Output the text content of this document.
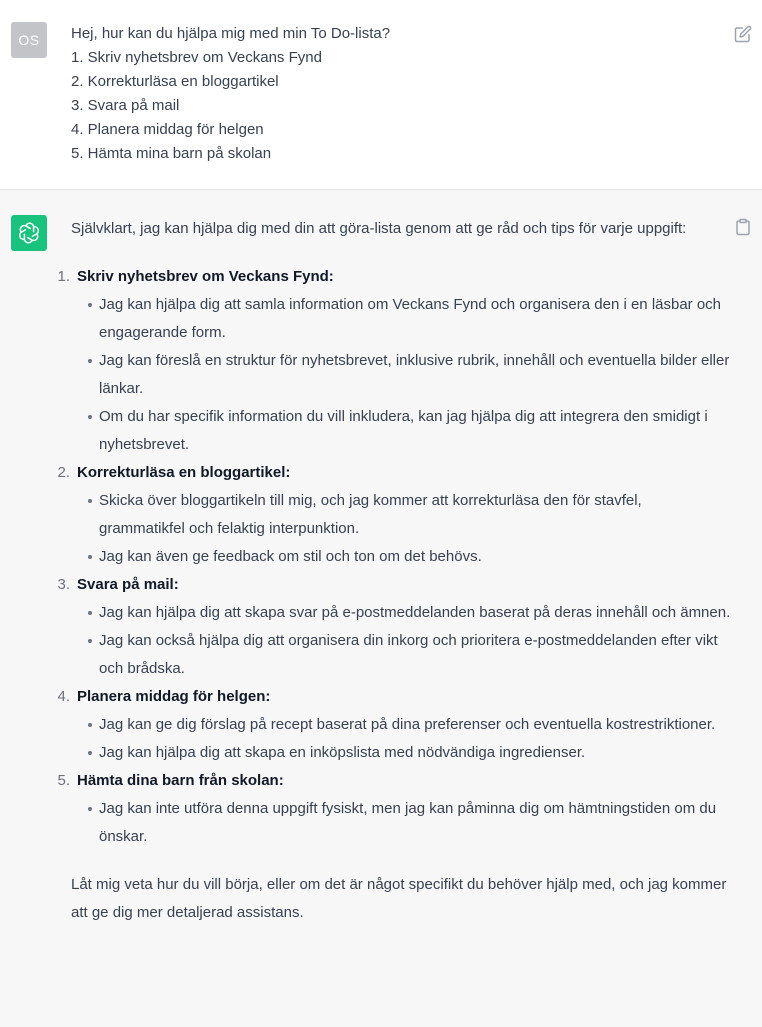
OS	Hej, hur kan du hjälpa mig med min To Do-lista?
1. Skriv nyhetsbrev om Veckans Fynd
2. Korrekturläsa en bloggartikel
3. Svara på mail
4. Planera middag för helgen
5. Hämta mina barn på skolan

Självklart, jag kan hjälpa dig med din att göra-lista genom att ge råd och tips för varje uppgift:

1. Skriv nyhetsbrev om Veckans Fynd:
Jag kan hjälpa dig att samla information om Veckans Fynd och organisera den i en läsbar och engagerande form.
Jag kan föreslå en struktur för nyhetsbrevet, inklusive rubrik, innehåll och eventuella bilder eller länkar.
Om du har specifik information du vill inkludera, kan jag hjälpa dig att integrera den smidigt i nyhetsbrevet.
2. Korrekturläsa en bloggartikel:
Skicka över bloggartikeln till mig, och jag kommer att korrekturläsa den för stavfel, grammatikfel och felaktig interpunktion.
Jag kan även ge feedback om stil och ton om det behövs.
3. Svara på mail:
Jag kan hjälpa dig att skapa svar på e-postmeddelanden baserat på deras innehåll och ämnen.
Jag kan också hjälpa dig att organisera din inkorg och prioritera e-postmeddelanden efter vikt och brådska.
4. Planera middag för helgen:
Jag kan ge dig förslag på recept baserat på dina preferenser och eventuella kostrestriktioner.
Jag kan hjälpa dig att skapa en inköpslista med nödvändiga ingredienser.
5. Hämta dina barn från skolan:
Jag kan inte utföra denna uppgift fysiskt, men jag kan påminna dig om hämtningstiden om du önskar.

Låt mig veta hur du vill börja, eller om det är något specifikt du behöver hjälp med, och jag kommer att ge dig mer detaljerad assistans.
